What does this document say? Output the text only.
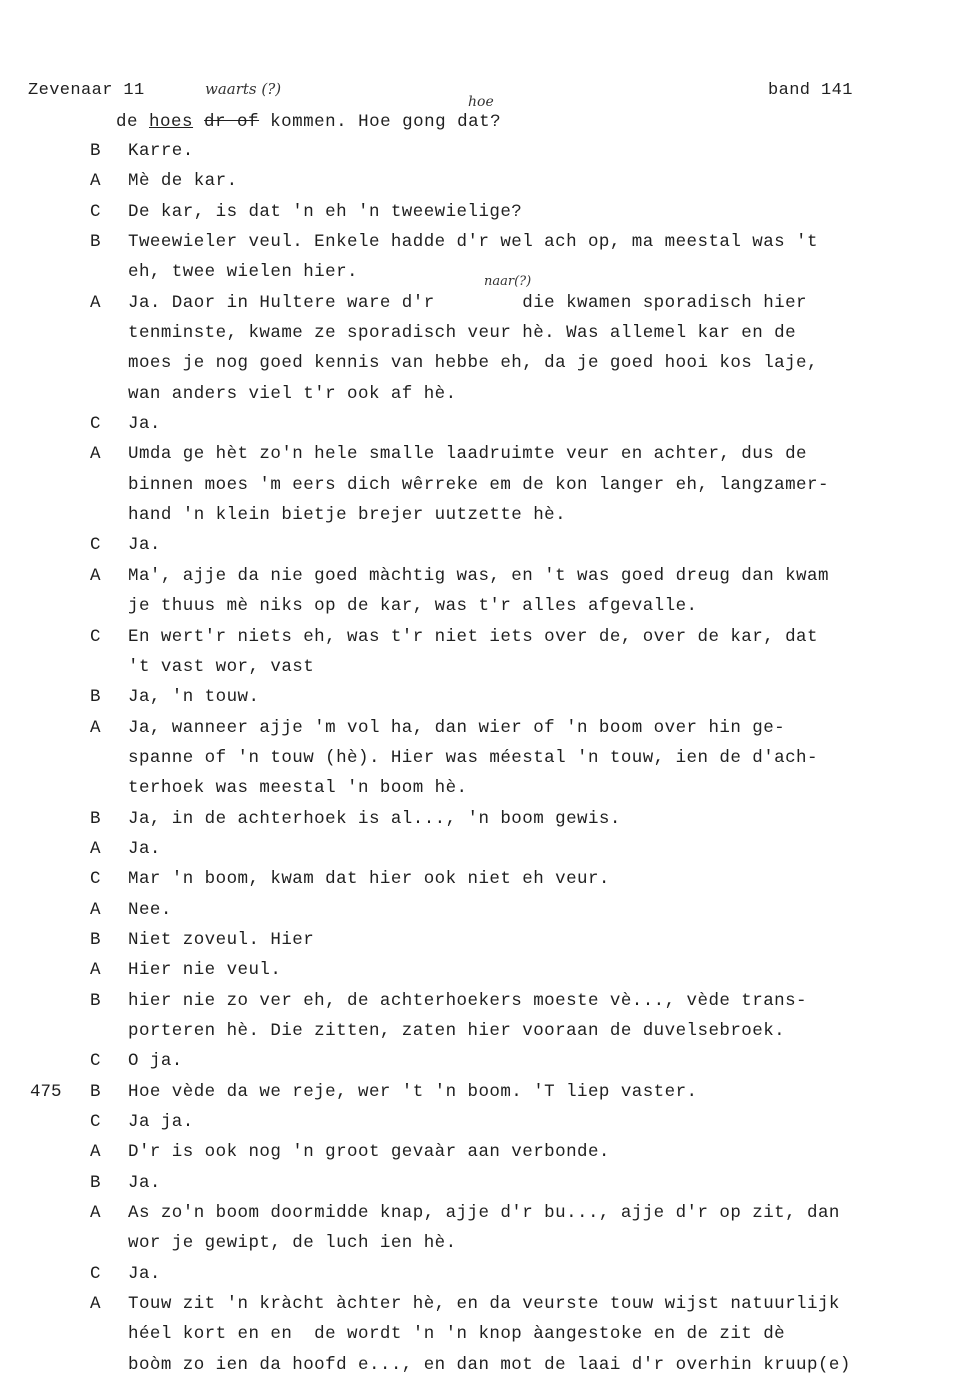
Zevenaar 11	band 141
waarts (?)
hoe
naar(?)
de hoes dr of kommen. Hoe gong dat?
B Karre.
A Mè de kar.
C De kar, is dat 'n eh 'n tweewielige?
B Tweewieler veul. Enkele hadde d'r wel ach op, ma meestal was 't
eh, twee wielen hier.
A Ja. Daor in Hultere ware d'r        die kwamen sporadisch hier
tenminste, kwame ze sporadisch veur hè. Was allemel kar en de
moes je nog goed kennis van hebbe eh, da je goed hooi kos laje,
wan anders viel t'r ook af hè.
C Ja.
A Umda ge hèt zo'n hele smalle laadruimte veur en achter, dus de
binnen moes 'm eers dich wêrreke em de kon langer eh, langzamer-
hand 'n klein bietje brejer uutzette hè.
C Ja.
A Ma', ajje da nie goed màchtig was, en 't was goed dreug dan kwam
je thuus mè niks op de kar, was t'r alles afgevalle.
C En wert'r niets eh, was t'r niet iets over de, over de kar, dat
't vast wor, vast
B Ja, 'n touw.
A Ja, wanneer ajje 'm vol ha, dan wier of 'n boom over hin ge-
spanne of 'n touw (hè). Hier was méestal 'n touw, ien de d'ach-
terhoek was meestal 'n boom hè.
B Ja, in de achterhoek is al..., 'n boom gewis.
A Ja.
C Mar 'n boom, kwam dat hier ook niet eh veur.
A Nee.
B Niet zoveul. Hier
A Hier nie veul.
B hier nie zo ver eh, de achterhoekers moeste vè..., vède trans-
porteren hè. Die zitten, zaten hier vooraan de duvelsebroek.
C O ja.
475 B Hoe vède da we reje, wer 't 'n boom. 'T liep vaster.
C Ja ja.
A D'r is ook nog 'n groot gevaàr aan verbonde.
B Ja.
A As zo'n boom doormidde knap, ajje d'r bu..., ajje d'r op zit, dan
wor je gewipt, de luch ien hè.
C Ja.
A Touw zit 'n kràcht àchter hè, en da veurste touw wijst natuurlijk
héel kort en en  de wordt 'n 'n knop àangestoke en de zit dè
boòm zo ien da hoofd e..., en dan mot de laai d'r overhin kruup(e)
